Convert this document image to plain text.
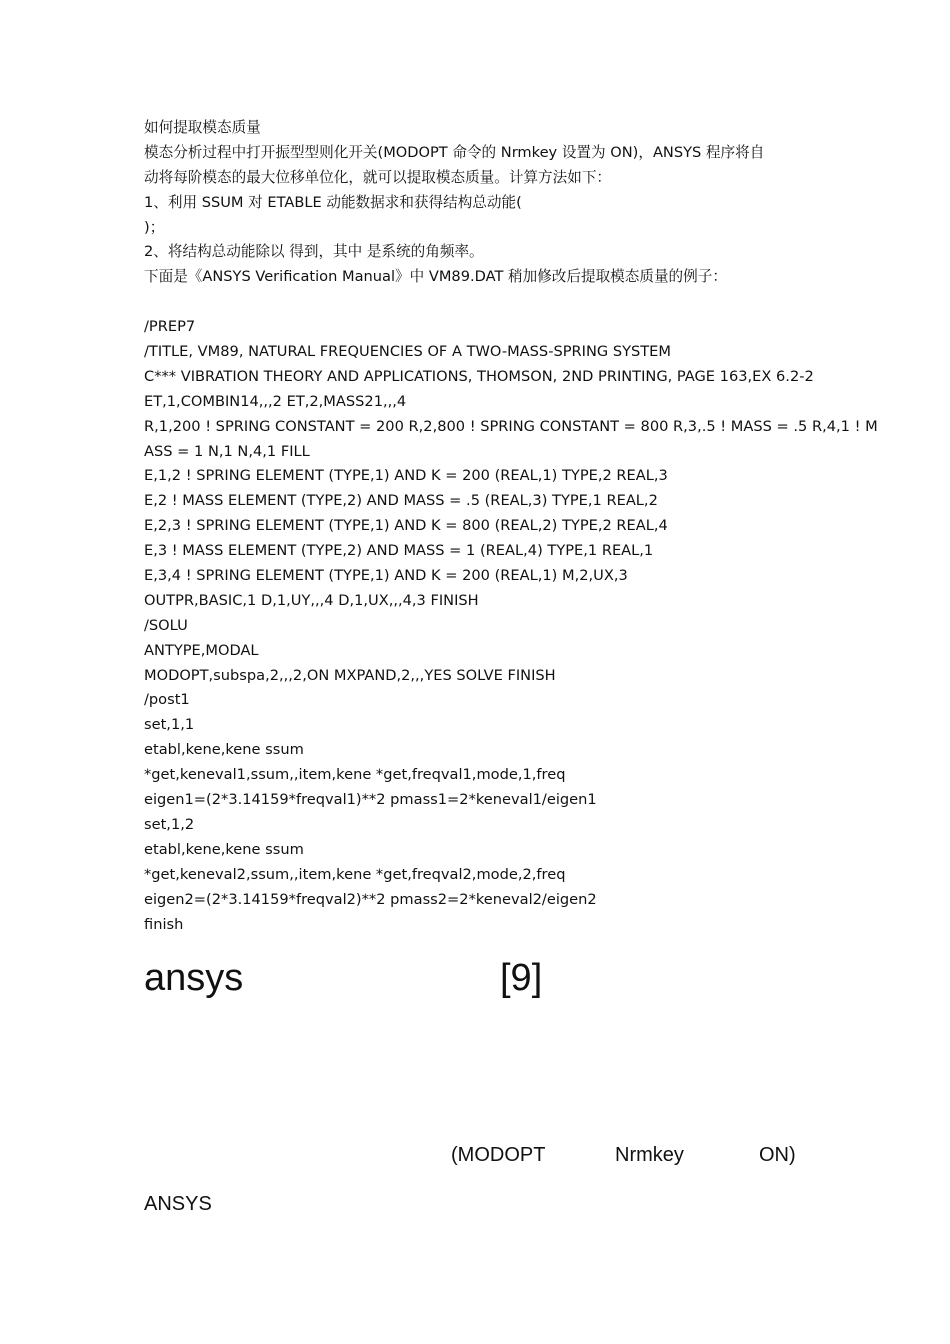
如何提取模态质量
模态分析过程中打开振型型则化开关(MODOPT 命令的 Nrmkey 设置为 ON)，ANSYS 程序将自
动将每阶模态的最大位移单位化，就可以提取模态质量。计算方法如下：
1、利用 SSUM 对 ETABLE 动能数据求和获得结构总动能(
)；
2、将结构总动能除以 得到，其中 是系统的角频率。
下面是《ANSYS Verification Manual》中 VM89.DAT 稍加修改后提取模态质量的例子：
/PREP7
/TITLE, VM89, NATURAL FREQUENCIES OF A TWO-MASS-SPRING SYSTEM
C*** VIBRATION THEORY AND APPLICATIONS, THOMSON, 2ND PRINTING, PAGE 163,EX 6.2-2
ET,1,COMBIN14,,,2 ET,2,MASS21,,,4
R,1,200 ! SPRING CONSTANT = 200 R,2,800 ! SPRING CONSTANT = 800 R,3,.5 ! MASS = .5 R,4,1 ! M
ASS = 1 N,1 N,4,1 FILL
E,1,2 ! SPRING ELEMENT (TYPE,1) AND K = 200 (REAL,1) TYPE,2 REAL,3
E,2 ! MASS ELEMENT (TYPE,2) AND MASS = .5 (REAL,3) TYPE,1 REAL,2
E,2,3 ! SPRING ELEMENT (TYPE,1) AND K = 800 (REAL,2) TYPE,2 REAL,4
E,3 ! MASS ELEMENT (TYPE,2) AND MASS = 1 (REAL,4) TYPE,1 REAL,1
E,3,4 ! SPRING ELEMENT (TYPE,1) AND K = 200 (REAL,1) M,2,UX,3
OUTPR,BASIC,1 D,1,UY,,,4 D,1,UX,,,4,3 FINISH
/SOLU
ANTYPE,MODAL
MODOPT,subspa,2,,,2,ON MXPAND,2,,,YES SOLVE FINISH
/post1
set,1,1
etabl,kene,kene ssum
*get,keneval1,ssum,,item,kene *get,freqval1,mode,1,freq
eigen1=(2*3.14159*freqval1)**2 pmass1=2*keneval1/eigen1
set,1,2
etabl,kene,kene ssum
*get,keneval2,ssum,,item,kene *get,freqval2,mode,2,freq
eigen2=(2*3.14159*freqval2)**2 pmass2=2*keneval2/eigen2
finish
ansys	[9]
(MODOPT	Nrmkey	ON)
ANSYS
